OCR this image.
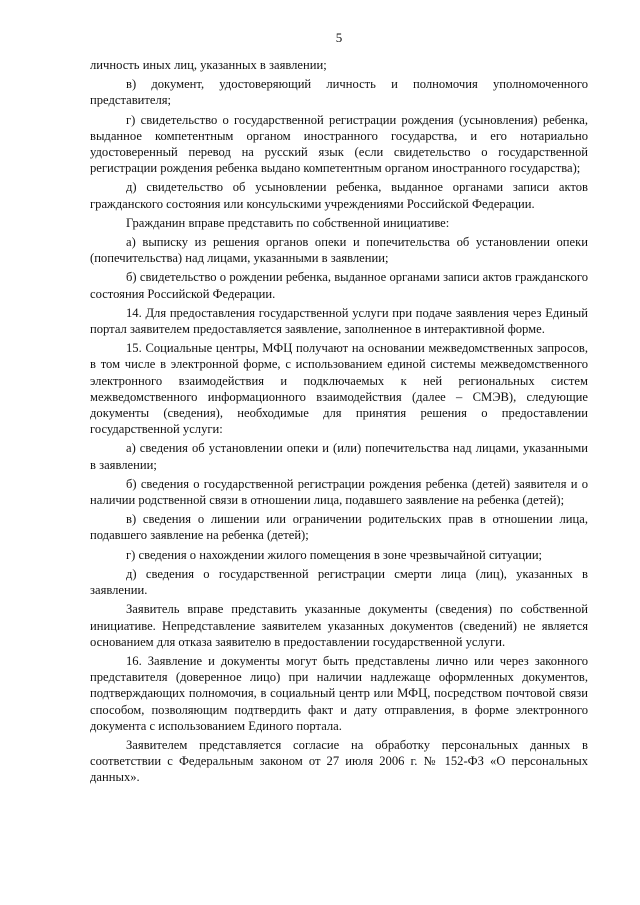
5

личность иных лиц, указанных в заявлении;

в) документ, удостоверяющий личность и полномочия уполномоченного представителя;

г) свидетельство о государственной регистрации рождения (усыновления) ребенка, выданное компетентным органом иностранного государства, и его нотариально удостоверенный перевод на русский язык (если свидетельство о государственной регистрации рождения ребенка выдано компетентным органом иностранного государства);

д) свидетельство об усыновлении ребенка, выданное органами записи актов гражданского состояния или консульскими учреждениями Российской Федерации.

Гражданин вправе представить по собственной инициативе:

а) выписку из решения органов опеки и попечительства об установлении опеки (попечительства) над лицами, указанными в заявлении;

б) свидетельство о рождении ребенка, выданное органами записи актов гражданского состояния Российской Федерации.

14. Для предоставления государственной услуги при подаче заявления через Единый портал заявителем предоставляется заявление, заполненное в интерактивной форме.

15. Социальные центры, МФЦ получают на основании межведомственных запросов, в том числе в электронной форме, с использованием единой системы межведомственного электронного взаимодействия и подключаемых к ней региональных систем межведомственного информационного взаимодействия (далее – СМЭВ), следующие документы (сведения), необходимые для принятия решения о предоставлении государственной услуги:

а) сведения об установлении опеки и (или) попечительства над лицами, указанными в заявлении;

б) сведения о государственной регистрации рождения ребенка (детей) заявителя и о наличии родственной связи в отношении лица, подавшего заявление на ребенка (детей);

в) сведения о лишении или ограничении родительских прав в отношении лица, подавшего заявление на ребенка (детей);

г) сведения о нахождении жилого помещения в зоне чрезвычайной ситуации;

д) сведения о государственной регистрации смерти лица (лиц), указанных в заявлении.

Заявитель вправе представить указанные документы (сведения) по собственной инициативе. Непредставление заявителем указанных документов (сведений) не является основанием для отказа заявителю в предоставлении государственной услуги.

16. Заявление и документы могут быть представлены лично или через законного представителя (доверенное лицо) при наличии надлежаще оформленных документов, подтверждающих полномочия, в социальный центр или МФЦ, посредством почтовой связи способом, позволяющим подтвердить факт и дату отправления, в форме электронного документа с использованием Единого портала.

Заявителем представляется согласие на обработку персональных данных в соответствии с Федеральным законом от 27 июля 2006 г. № 152-ФЗ «О персональных данных».
